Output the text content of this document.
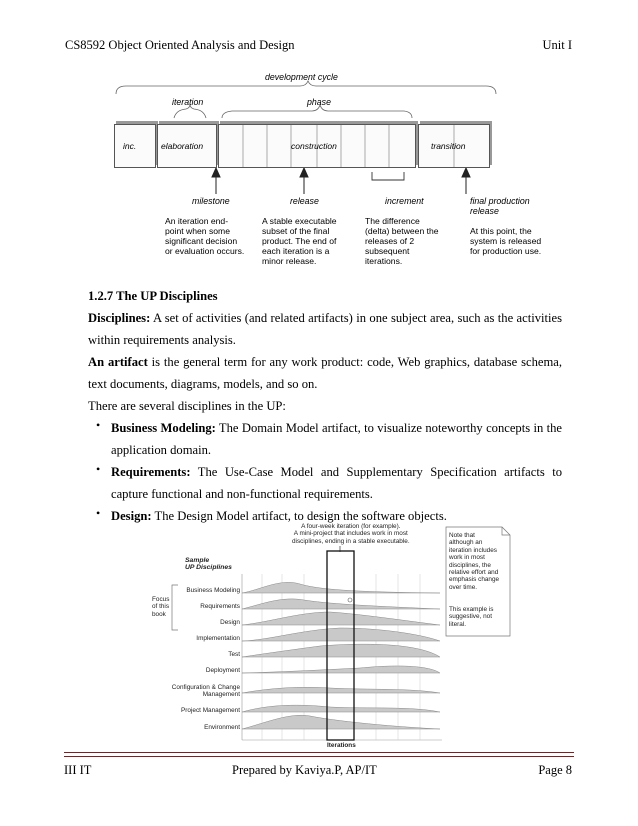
CS8592 Object Oriented Analysis and Design	Unit I
development cycle
iteration	phase
inc.	elaboration	construction	transition
milestone	release	increment	final production
release
An iteration end-
point when some
significant decision
or evaluation occurs.
A stable executable
subset of the final
product. The end of
each iteration is a
minor release.
The difference
(delta) between the
releases of 2
subsequent
iterations.
At this point, the
system is released
for production use.
1.2.7 The UP Disciplines
Disciplines: A set of activities (and related artifacts) in one subject area, such as the activities
within requirements analysis.
An artifact is the general term for any work product: code, Web graphics, database schema,
text documents, diagrams, models, and so on.
There are several disciplines in the UP:
• Business Modeling: The Domain Model artifact, to visualize noteworthy concepts in the
application domain.
• Requirements: The Use-Case Model and Supplementary Specification artifacts to
capture functional and non-functional requirements.
• Design: The Design Model artifact, to design the software objects.
A four-week iteration (for example).
A mini-project that includes work in most
disciplines, ending in a stable executable.
Sample
UP Disciplines
Focus
of this
book
Business Modeling
Requirements
Design
Implementation
Test
Deployment
Configuration & Change
Management
Project Management
Environment
Note that
although an
iteration includes
work in most
disciplines, the
relative effort and
emphasis change
over time.
This example is
suggestive, not
literal.
Iterations
III IT	Prepared by Kaviya.P, AP/IT	Page 8
